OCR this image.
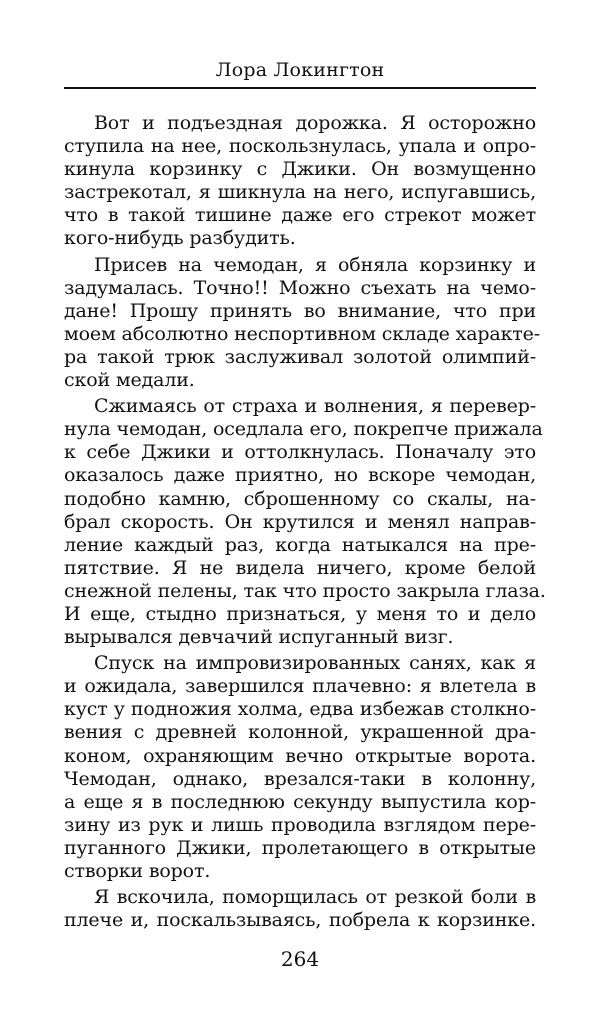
Лора Локингтон
Вот и подъездная дорожка. Я осторожно
ступила на нее, поскользнулась, упала и опро-
кинула корзинку с Джики. Он возмущенно
застрекотал, я шикнула на него, испугавшись,
что в такой тишине даже его стрекот может
кого-нибудь разбудить.
Присев на чемодан, я обняла корзинку и
задумалась. Точно!! Можно съехать на чемо-
дане! Прошу принять во внимание, что при
моем абсолютно неспортивном складе характе-
ра такой трюк заслуживал золотой олимпий-
ской медали.
Сжимаясь от страха и волнения, я перевер-
нула чемодан, оседлала его, покрепче прижала
к себе Джики и оттолкнулась. Поначалу это
оказалось даже приятно, но вскоре чемодан,
подобно камню, сброшенному со скалы, на-
брал скорость. Он крутился и менял направ-
ление каждый раз, когда натыкался на пре-
пятствие. Я не видела ничего, кроме белой
снежной пелены, так что просто закрыла глаза.
И еще, стыдно признаться, у меня то и дело
вырывался девчачий испуганный визг.
Спуск на импровизированных санях, как я
и ожидала, завершился плачевно: я влетела в
куст у подножия холма, едва избежав столкно-
вения с древней колонной, украшенной дра-
коном, охраняющим вечно открытые ворота.
Чемодан, однако, врезался-таки в колонну,
а еще я в последнюю секунду выпустила кор-
зину из рук и лишь проводила взглядом пере-
пуганного Джики, пролетающего в открытые
створки ворот.
Я вскочила, поморщилась от резкой боли в
плече и, поскальзываясь, побрела к корзинке.
264
